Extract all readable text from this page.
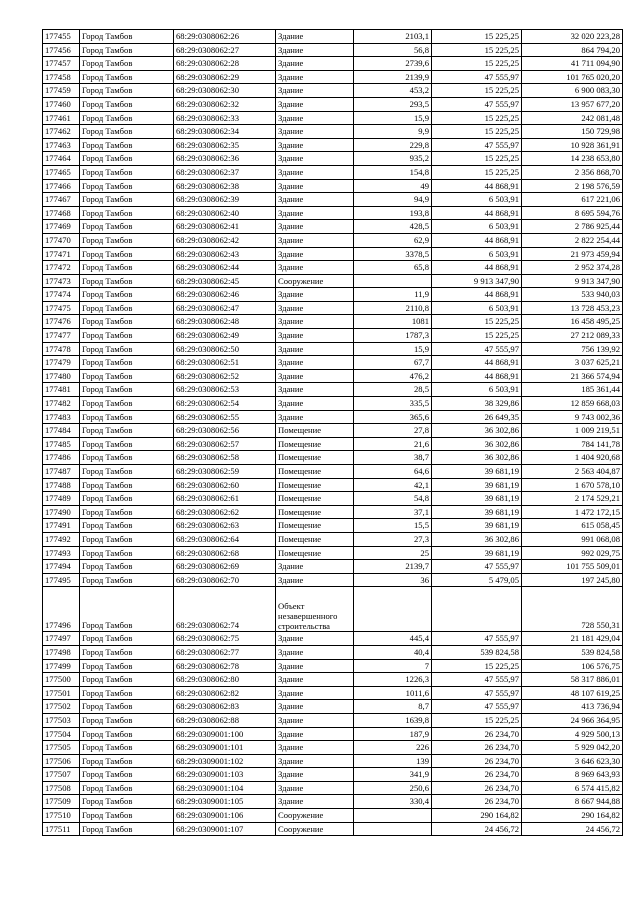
177455	Город Тамбов	68:29:0308062:26	Здание	2103,1	15 225,25	32 020 223,28
177456	Город Тамбов	68:29:0308062:27	Здание	56,8	15 225,25	864 794,20
177457	Город Тамбов	68:29:0308062:28	Здание	2739,6	15 225,25	41 711 094,90
177458	Город Тамбов	68:29:0308062:29	Здание	2139,9	47 555,97	101 765 020,20
177459	Город Тамбов	68:29:0308062:30	Здание	453,2	15 225,25	6 900 083,30
177460	Город Тамбов	68:29:0308062:32	Здание	293,5	47 555,97	13 957 677,20
177461	Город Тамбов	68:29:0308062:33	Здание	15,9	15 225,25	242 081,48
177462	Город Тамбов	68:29:0308062:34	Здание	9,9	15 225,25	150 729,98
177463	Город Тамбов	68:29:0308062:35	Здание	229,8	47 555,97	10 928 361,91
177464	Город Тамбов	68:29:0308062:36	Здание	935,2	15 225,25	14 238 653,80
177465	Город Тамбов	68:29:0308062:37	Здание	154,8	15 225,25	2 356 868,70
177466	Город Тамбов	68:29:0308062:38	Здание	49	44 868,91	2 198 576,59
177467	Город Тамбов	68:29:0308062:39	Здание	94,9	6 503,91	617 221,06
177468	Город Тамбов	68:29:0308062:40	Здание	193,8	44 868,91	8 695 594,76
177469	Город Тамбов	68:29:0308062:41	Здание	428,5	6 503,91	2 786 925,44
177470	Город Тамбов	68:29:0308062:42	Здание	62,9	44 868,91	2 822 254,44
177471	Город Тамбов	68:29:0308062:43	Здание	3378,5	6 503,91	21 973 459,94
177472	Город Тамбов	68:29:0308062:44	Здание	65,8	44 868,91	2 952 374,28
177473	Город Тамбов	68:29:0308062:45	Сооружение		9 913 347,90	9 913 347,90
177474	Город Тамбов	68:29:0308062:46	Здание	11,9	44 868,91	533 940,03
177475	Город Тамбов	68:29:0308062:47	Здание	2110,8	6 503,91	13 728 453,23
177476	Город Тамбов	68:29:0308062:48	Здание	1081	15 225,25	16 458 495,25
177477	Город Тамбов	68:29:0308062:49	Здание	1787,3	15 225,25	27 212 089,33
177478	Город Тамбов	68:29:0308062:50	Здание	15,9	47 555,97	756 139,92
177479	Город Тамбов	68:29:0308062:51	Здание	67,7	44 868,91	3 037 625,21
177480	Город Тамбов	68:29:0308062:52	Здание	476,2	44 868,91	21 366 574,94
177481	Город Тамбов	68:29:0308062:53	Здание	28,5	6 503,91	185 361,44
177482	Город Тамбов	68:29:0308062:54	Здание	335,5	38 329,86	12 859 668,03
177483	Город Тамбов	68:29:0308062:55	Здание	365,6	26 649,35	9 743 002,36
177484	Город Тамбов	68:29:0308062:56	Помещение	27,8	36 302,86	1 009 219,51
177485	Город Тамбов	68:29:0308062:57	Помещение	21,6	36 302,86	784 141,78
177486	Город Тамбов	68:29:0308062:58	Помещение	38,7	36 302,86	1 404 920,68
177487	Город Тамбов	68:29:0308062:59	Помещение	64,6	39 681,19	2 563 404,87
177488	Город Тамбов	68:29:0308062:60	Помещение	42,1	39 681,19	1 670 578,10
177489	Город Тамбов	68:29:0308062:61	Помещение	54,8	39 681,19	2 174 529,21
177490	Город Тамбов	68:29:0308062:62	Помещение	37,1	39 681,19	1 472 172,15
177491	Город Тамбов	68:29:0308062:63	Помещение	15,5	39 681,19	615 058,45
177492	Город Тамбов	68:29:0308062:64	Помещение	27,3	36 302,86	991 068,08
177493	Город Тамбов	68:29:0308062:68	Помещение	25	39 681,19	992 029,75
177494	Город Тамбов	68:29:0308062:69	Здание	2139,7	47 555,97	101 755 509,01
177495	Город Тамбов	68:29:0308062:70	Здание	36	5 479,05	197 245,80
177496	Город Тамбов	68:29:0308062:74	Объект незавершенного строительства			728 550,31
177497	Город Тамбов	68:29:0308062:75	Здание	445,4	47 555,97	21 181 429,04
177498	Город Тамбов	68:29:0308062:77	Здание	40,4	539 824,58	539 824,58
177499	Город Тамбов	68:29:0308062:78	Здание	7	15 225,25	106 576,75
177500	Город Тамбов	68:29:0308062:80	Здание	1226,3	47 555,97	58 317 886,01
177501	Город Тамбов	68:29:0308062:82	Здание	1011,6	47 555,97	48 107 619,25
177502	Город Тамбов	68:29:0308062:83	Здание	8,7	47 555,97	413 736,94
177503	Город Тамбов	68:29:0308062:88	Здание	1639,8	15 225,25	24 966 364,95
177504	Город Тамбов	68:29:0309001:100	Здание	187,9	26 234,70	4 929 500,13
177505	Город Тамбов	68:29:0309001:101	Здание	226	26 234,70	5 929 042,20
177506	Город Тамбов	68:29:0309001:102	Здание	139	26 234,70	3 646 623,30
177507	Город Тамбов	68:29:0309001:103	Здание	341,9	26 234,70	8 969 643,93
177508	Город Тамбов	68:29:0309001:104	Здание	250,6	26 234,70	6 574 415,82
177509	Город Тамбов	68:29:0309001:105	Здание	330,4	26 234,70	8 667 944,88
177510	Город Тамбов	68:29:0309001:106	Сооружение		290 164,82	290 164,82
177511	Город Тамбов	68:29:0309001:107	Сооружение		24 456,72	24 456,72
